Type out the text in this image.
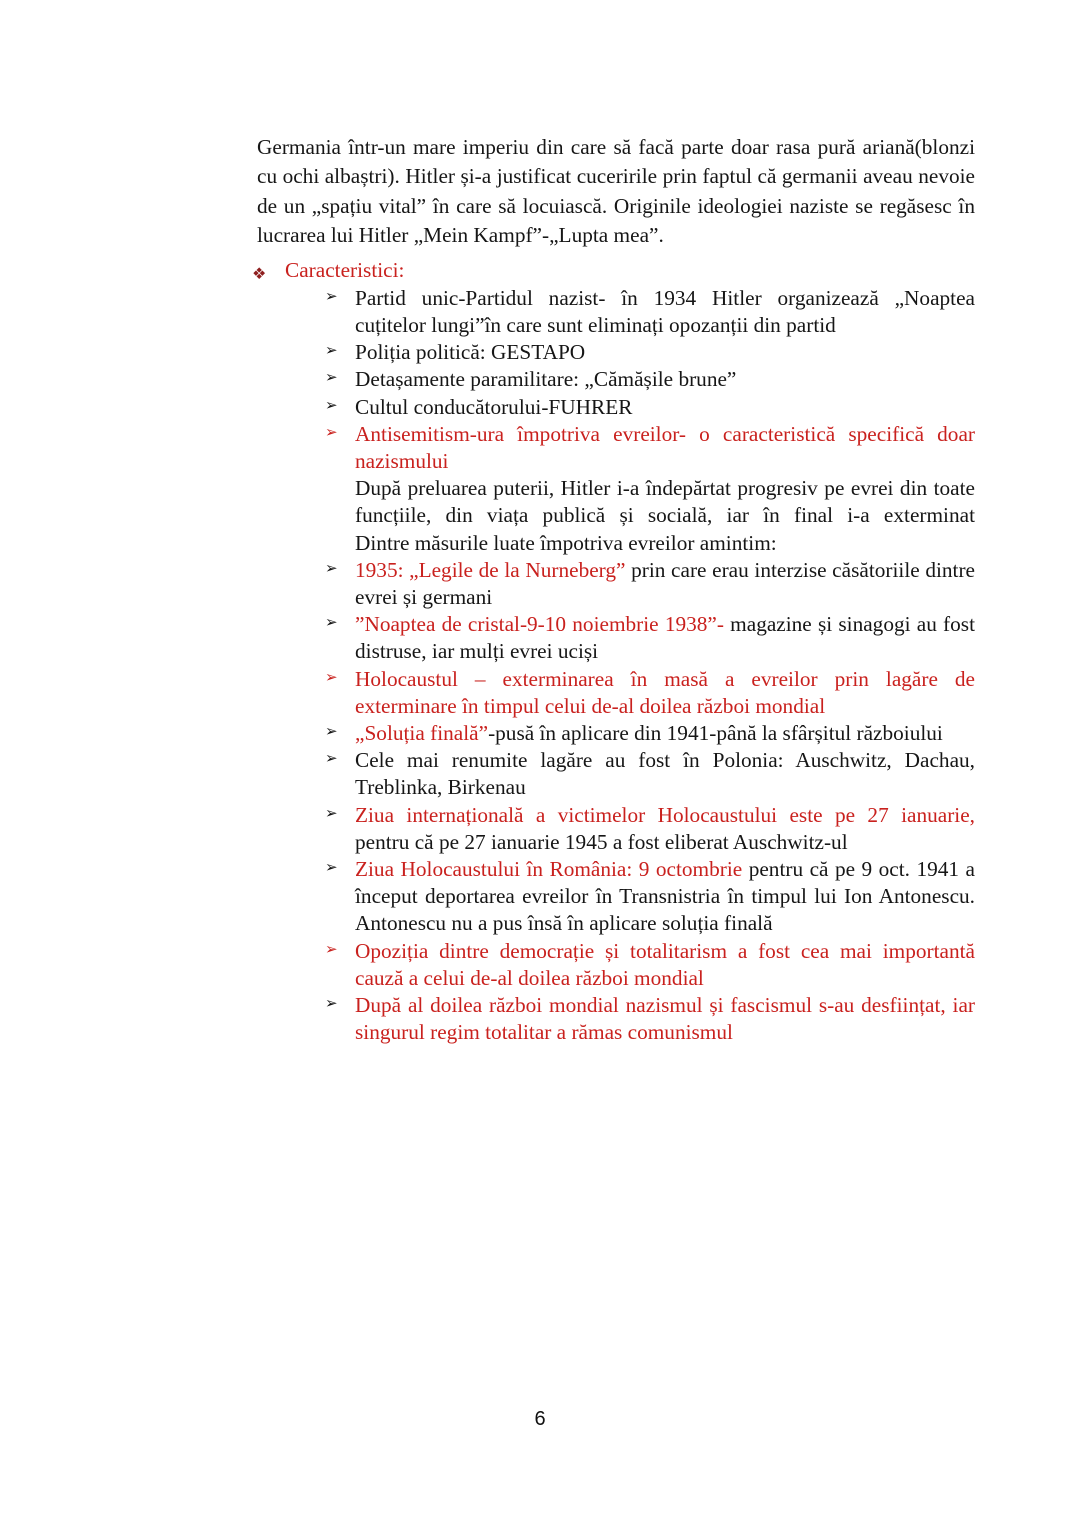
Germania într-un mare imperiu din care să facă parte doar rasa pură ariană(blonzi cu ochi albaștri). Hitler și-a justificat cuceririle prin faptul că germanii aveau nevoie de un „spațiu vital” în care să locuiască. Originile ideologiei naziste se regăsesc în lucrarea lui Hitler „Mein Kampf”-„Lupta mea”.

❖ Caracteristici:
➢ Partid unic-Partidul nazist- în 1934 Hitler organizează „Noaptea cuțitelor lungi”în care sunt eliminați opozanții din partid
➢ Poliția politică: GESTAPO
➢ Detașamente paramilitare: „Cămășile brune”
➢ Cultul conducătorului-FUHRER
➢ Antisemitism-ura împotriva evreilor- o caracteristică specifică doar nazismului
După preluarea puterii, Hitler i-a îndepărtat progresiv pe evrei din toate funcțiile, din viața publică și socială, iar în final i-a exterminat
Dintre măsurile luate împotriva evreilor amintim:
➢ 1935: „Legile de la Nurneberg” prin care erau interzise căsătoriile dintre evrei și germani
➢ ”Noaptea de cristal-9-10 noiembrie 1938”- magazine și sinagogi au fost distruse, iar mulți evrei uciși
➢ Holocaustul – exterminarea în masă a evreilor prin lagăre de exterminare în timpul celui de-al doilea război mondial
➢ „Soluția finală”-pusă în aplicare din 1941-până la sfârșitul războiului
➢ Cele mai renumite lagăre au fost în Polonia: Auschwitz, Dachau, Treblinka, Birkenau
➢ Ziua internațională a victimelor Holocaustului este pe 27 ianuarie, pentru că pe 27 ianuarie 1945 a fost eliberat Auschwitz-ul
➢ Ziua Holocaustului în România: 9 octombrie pentru că pe 9 oct. 1941 a început deportarea evreilor în Transnistria în timpul lui Ion Antonescu. Antonescu nu a pus însă în aplicare soluția finală
➢ Opoziția dintre democrație și totalitarism a fost cea mai importantă cauză a celui de-al doilea război mondial
➢ După al doilea război mondial nazismul și fascismul s-au desființat, iar singurul regim totalitar a rămas comunismul
6
